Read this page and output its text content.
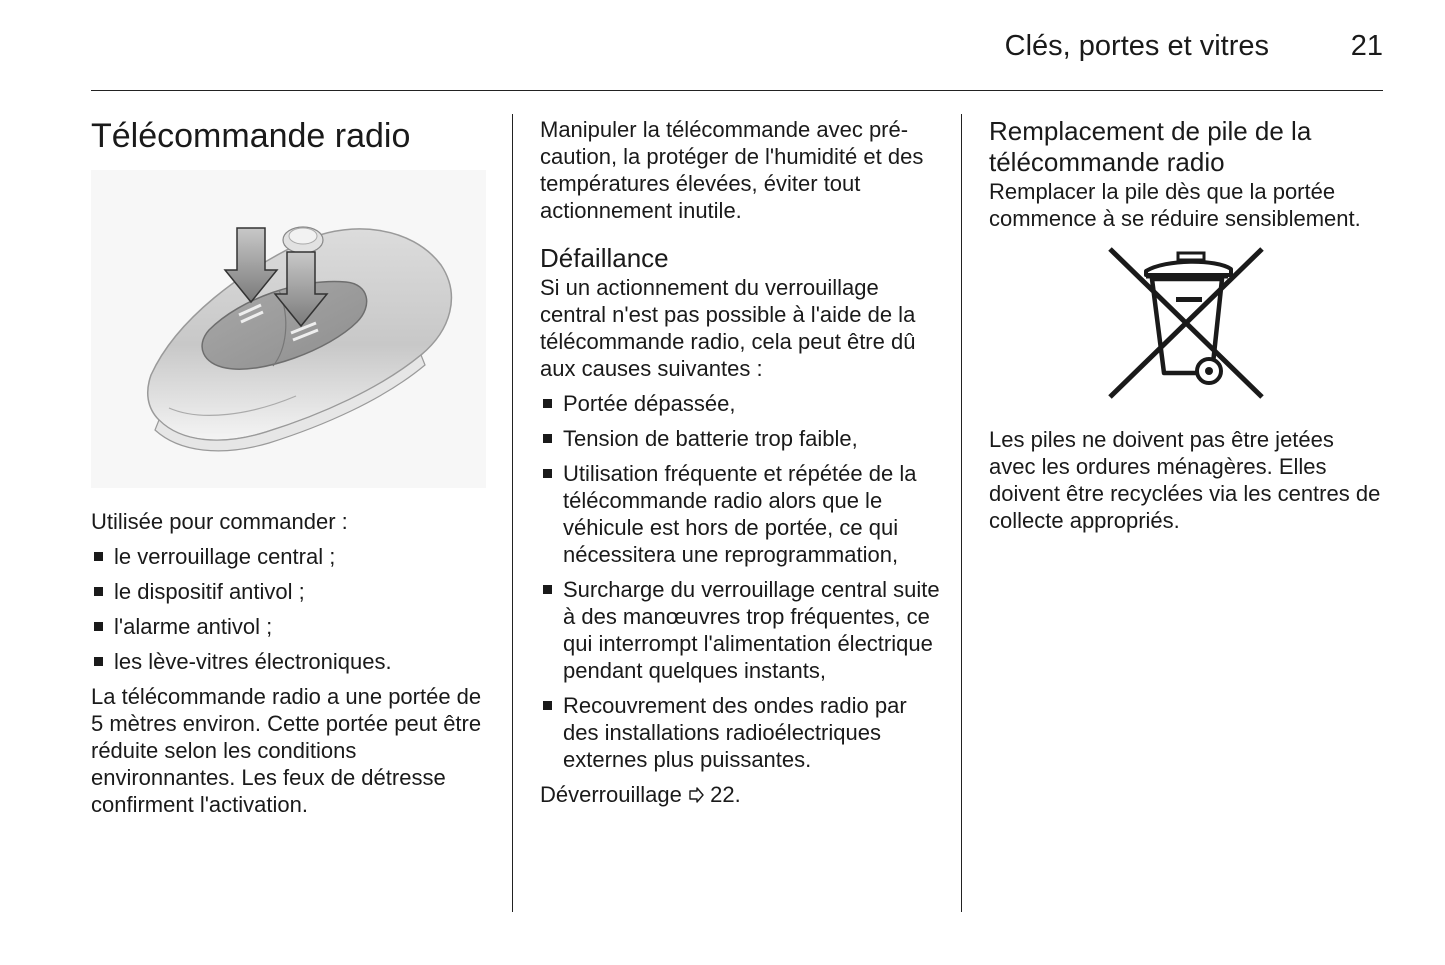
Clés, portes et vitres	21
Télécommande radio

Utilisée pour commander :

le verrouillage central ;
le dispositif antivol ;
l'alarme antivol ;
les lève-vitres électroniques.

La télécommande radio a une portée de 5 mètres environ. Cette portée peut être réduite selon les conditions environnantes. Les feux de détresse confirment l'activation.

Manipuler la télécommande avec précaution, la protéger de l'humidité et des températures élevées, éviter tout actionnement inutile.

Défaillance

Si un actionnement du verrouillage central n'est pas possible à l'aide de la télécommande radio, cela peut être dû aux causes suivantes :

Portée dépassée,
Tension de batterie trop faible,
Utilisation fréquente et répétée de la télécommande radio alors que le véhicule est hors de portée, ce qui nécessitera une reprogrammation,
Surcharge du verrouillage central suite à des manœuvres trop fréquentes, ce qui interrompt l'alimentation électrique pendant quelques instants,
Recouvrement des ondes radio par des installations radioélectriques externes plus puissantes.

Déverrouillage 22.

Remplacement de pile de la télécommande radio

Remplacer la pile dès que la portée commence à se réduire sensiblement.

Les piles ne doivent pas être jetées avec les ordures ménagères. Elles doivent être recyclées via les centres de collecte appropriés.
